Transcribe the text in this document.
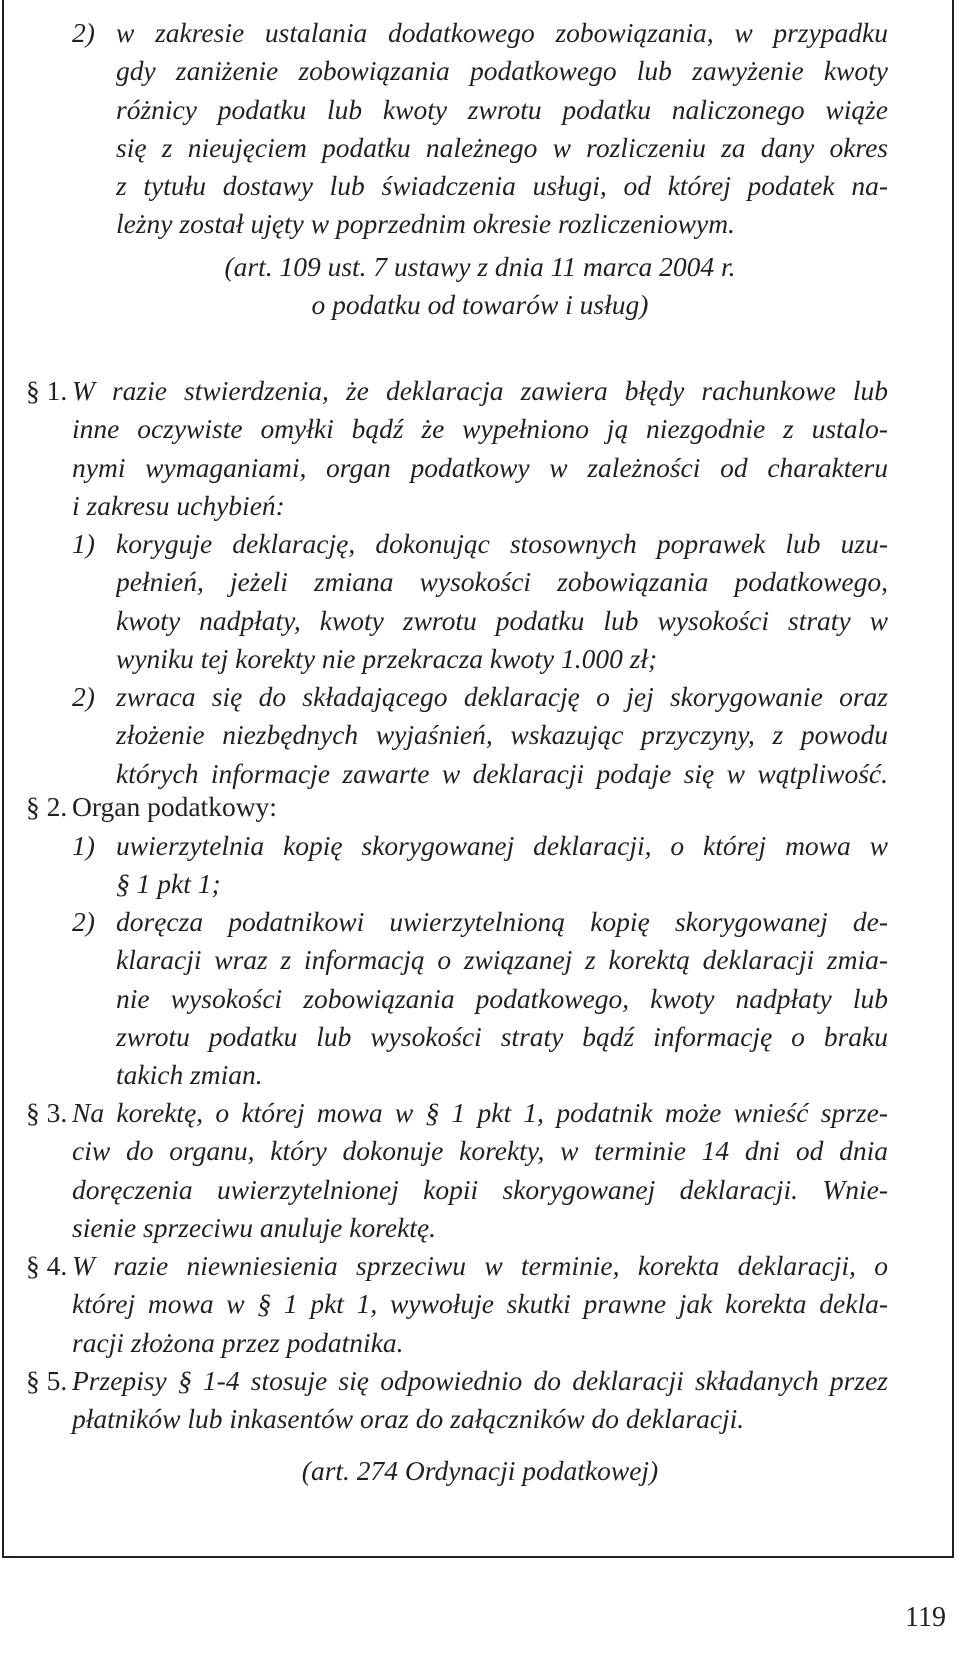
2) w zakresie ustalania dodatkowego zobowiązania, w przypadku
gdy zaniżenie zobowiązania podatkowego lub zawyżenie kwoty
różnicy podatku lub kwoty zwrotu podatku naliczonego wiąże
się z nieujęciem podatku należnego w rozliczeniu za dany okres
z tytułu dostawy lub świadczenia usługi, od której podatek na-
leżny został ujęty w poprzednim okresie rozliczeniowym.
(art. 109 ust. 7 ustawy z dnia 11 marca 2004 r.
o podatku od towarów i usług)
§ 1. W razie stwierdzenia, że deklaracja zawiera błędy rachunkowe lub
inne oczywiste omyłki bądź że wypełniono ją niezgodnie z ustalo-
nymi wymaganiami, organ podatkowy w zależności od charakteru
i zakresu uchybień:
1) koryguje deklarację, dokonując stosownych poprawek lub uzu-
pełnień, jeżeli zmiana wysokości zobowiązania podatkowego,
kwoty nadpłaty, kwoty zwrotu podatku lub wysokości straty w
wyniku tej korekty nie przekracza kwoty 1.000 zł;
2) zwraca się do składającego deklarację o jej skorygowanie oraz
złożenie niezbędnych wyjaśnień, wskazując przyczyny, z powodu
których informacje zawarte w deklaracji podaje się w wątpliwość.
§ 2. Organ podatkowy:
1) uwierzytelnia kopię skorygowanej deklaracji, o której mowa w
§ 1 pkt 1;
2) doręcza podatnikowi uwierzytelnioną kopię skorygowanej de-
klaracji wraz z informacją o związanej z korektą deklaracji zmia-
nie wysokości zobowiązania podatkowego, kwoty nadpłaty lub
zwrotu podatku lub wysokości straty bądź informację o braku
takich zmian.
§ 3. Na korektę, o której mowa w § 1 pkt 1, podatnik może wnieść sprze-
ciw do organu, który dokonuje korekty, w terminie 14 dni od dnia
doręczenia uwierzytelnionej kopii skorygowanej deklaracji. Wnie-
sienie sprzeciwu anuluje korektę.
§ 4. W razie niewniesienia sprzeciwu w terminie, korekta deklaracji, o
której mowa w § 1 pkt 1, wywołuje skutki prawne jak korekta dekla-
racji złożona przez podatnika.
§ 5. Przepisy § 1-4 stosuje się odpowiednio do deklaracji składanych przez
płatników lub inkasentów oraz do załączników do deklaracji.
(art. 274 Ordynacji podatkowej)
119
